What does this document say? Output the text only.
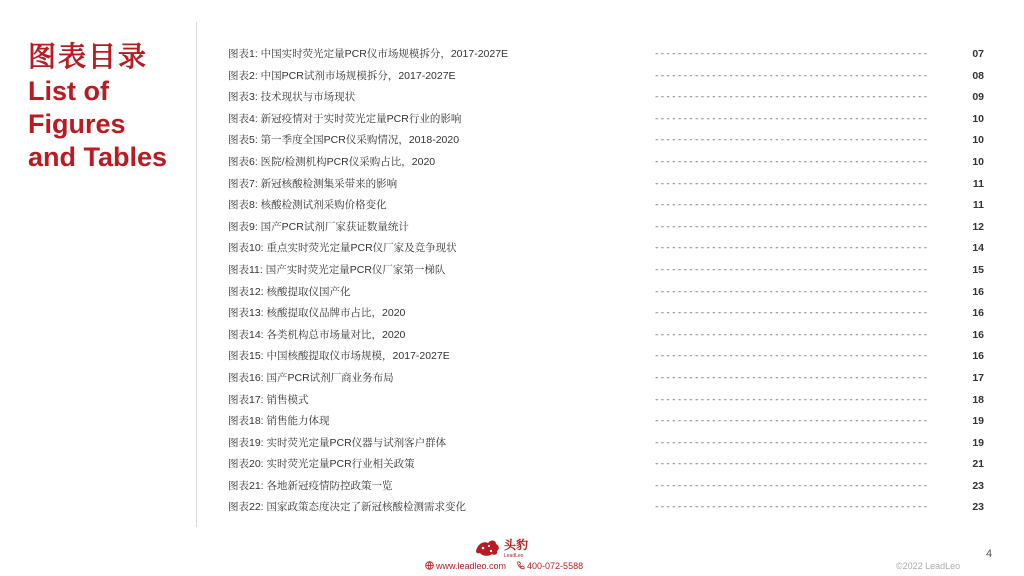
图表目录
List of
Figures
and Tables
图表1: 中国实时荧光定量PCR仪市场规模拆分，2017-2027E	------------------------------------------------	07
图表2: 中国PCR试剂市场规模拆分，2017-2027E	------------------------------------------------	08
图表3: 技术现状与市场现状	------------------------------------------------	09
图表4: 新冠疫情对于实时荧光定量PCR行业的影响	------------------------------------------------	10
图表5: 第一季度全国PCR仪采购情况，2018-2020	------------------------------------------------	10
图表6: 医院/检测机构PCR仪采购占比，2020	------------------------------------------------	10
图表7: 新冠核酸检测集采带来的影响	------------------------------------------------	11
图表8: 核酸检测试剂采购价格变化	------------------------------------------------	11
图表9: 国产PCR试剂厂家获证数量统计	------------------------------------------------	12
图表10: 重点实时荧光定量PCR仪厂家及竞争现状	------------------------------------------------	14
图表11: 国产实时荧光定量PCR仪厂家第一梯队	------------------------------------------------	15
图表12: 核酸提取仪国产化	------------------------------------------------	16
图表13: 核酸提取仪品牌市占比，2020	------------------------------------------------	16
图表14: 各类机构总市场量对比，2020	------------------------------------------------	16
图表15: 中国核酸提取仪市场规模，2017-2027E	------------------------------------------------	16
图表16: 国产PCR试剂厂商业务布局	------------------------------------------------	17
图表17: 销售模式	------------------------------------------------	18
图表18: 销售能力体现	------------------------------------------------	19
图表19: 实时荧光定量PCR仪器与试剂客户群体	------------------------------------------------	19
图表20: 实时荧光定量PCR行业相关政策	------------------------------------------------	21
图表21: 各地新冠疫情防控政策一览	------------------------------------------------	23
图表22: 国家政策态度决定了新冠核酸检测需求变化	------------------------------------------------	23
头豹
LeadLeo
www.leadleo.com 400-072-5588
4
©2022 LeadLeo
